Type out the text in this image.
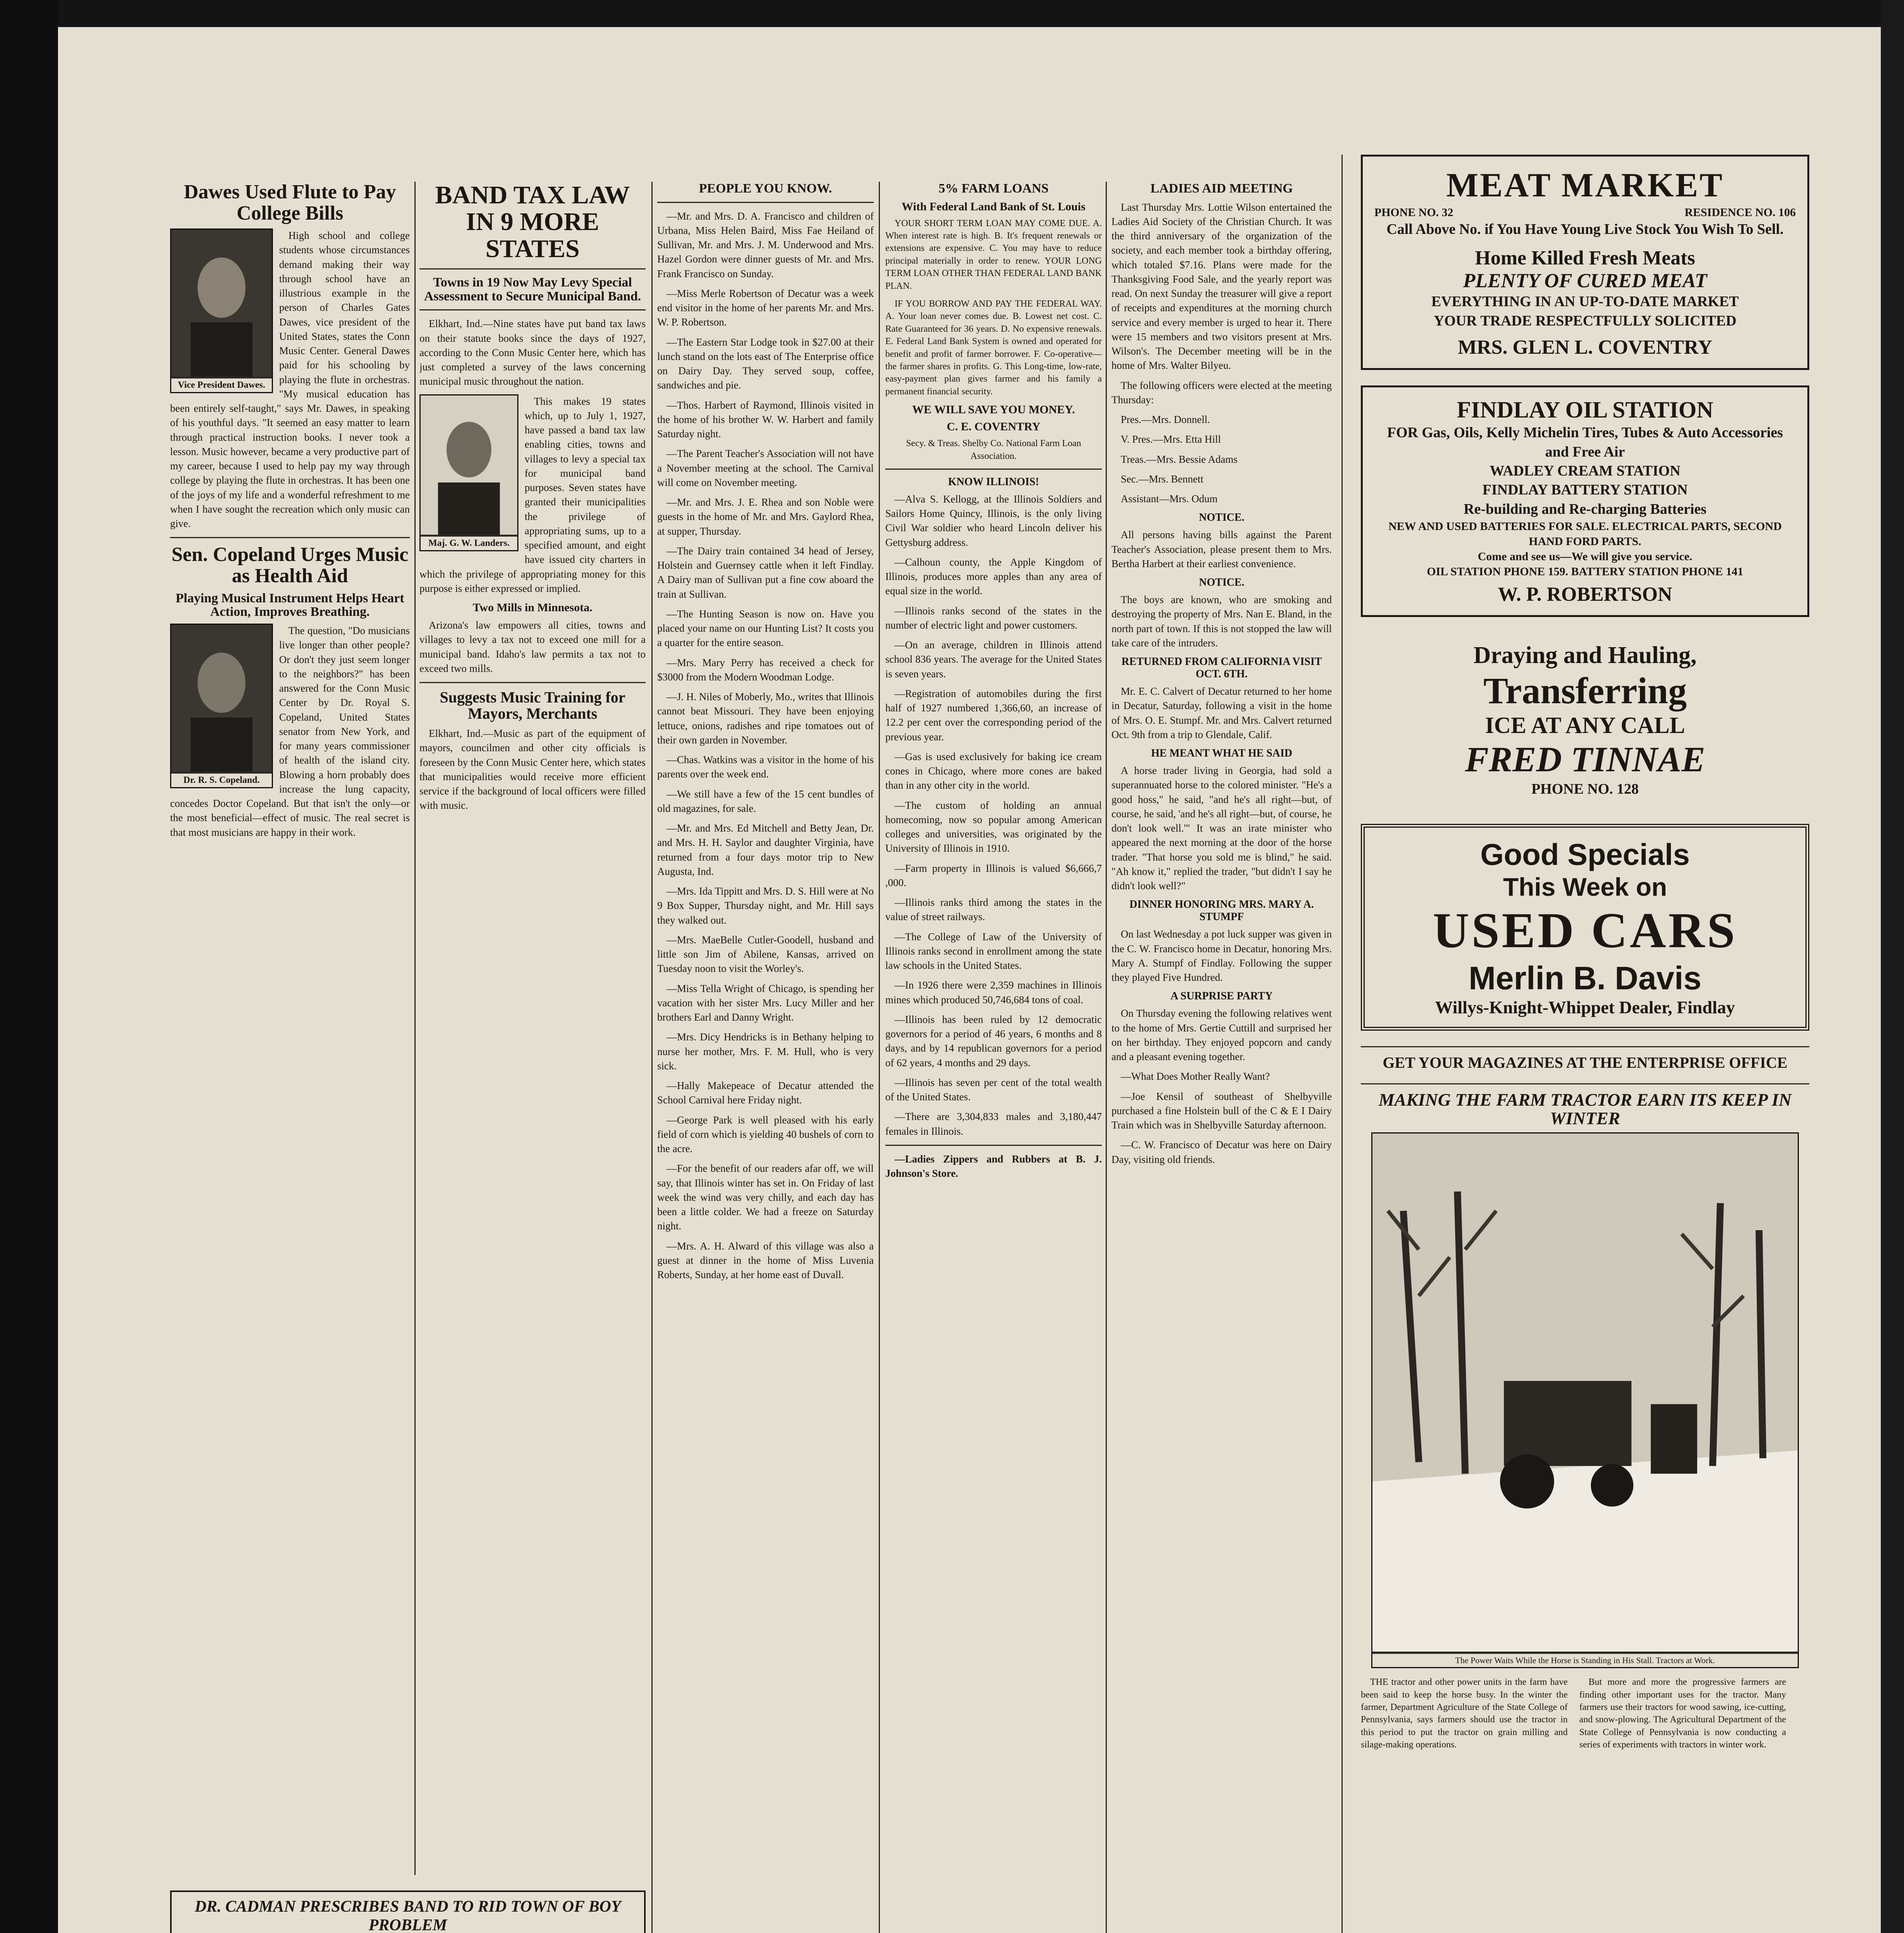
Dawes Used Flute to Pay College Bills
Vice President Dawes.

High school and college students whose circumstances demand making their way through school have an illustrious example in the person of Charles Gates Dawes, vice president of the United States, states the Conn Music Center. General Dawes paid for his schooling by playing the flute in orchestras. "My musical education has been entirely self-taught," says Mr. Dawes, in speaking of his youthful days. "It seemed an easy matter to learn through practical instruction books. I never took a lesson. Music however, became a very productive part of my career, because I used to help pay my way through college by playing the flute in orchestras. It has been one of the joys of my life and a wonderful refreshment to me when I have sought the recreation which only music can give.

Sen. Copeland Urges Music as Health Aid
Playing Musical Instrument Helps Heart Action, Improves Breathing.
Dr. R. S. Copeland.

The question, "Do musicians live longer than other people? Or don't they just seem longer to the neighbors?" has been answered for the Conn Music Center by Dr. Royal S. Copeland, United States senator from New York, and for many years commissioner of health of the island city. Blowing a horn probably does increase the lung capacity, concedes Doctor Copeland. But that isn't the only—or the most beneficial—effect of music. The real secret is that most musicians are happy in their work.

BAND TAX LAW IN 9 MORE STATES
Towns in 19 Now May Levy Special Assessment to Secure Municipal Band.

Elkhart, Ind.—Nine states have put band tax laws on their statute books since the days of 1927, according to the Conn Music Center here, which has just completed a survey of the laws concerning municipal music throughout the nation.

Maj. G. W. Landers.

This makes 19 states which, up to July 1, 1927, have passed a band tax law enabling cities, towns and villages to levy a special tax for municipal band purposes. Seven states have granted their municipalities the privilege of appropriating sums, up to a specified amount, and eight have issued city charters in which the privilege of appropriating money for this purpose is either expressed or implied.

Two Mills in Minnesota.

Arizona's law empowers all cities, towns and villages to levy a tax not to exceed one mill for a municipal band. Idaho's law permits a tax not to exceed two mills.

Suggests Music Training for Mayors, Merchants

Elkhart, Ind.—Music as part of the equipment of mayors, councilmen and other city officials is foreseen by the Conn Music Center here, which states that municipalities would receive more efficient service if the background of local officers were filled with music.

DR. CADMAN PRESCRIBES BAND TO RID TOWN OF BOY PROBLEM

PEOPLE YOU KNOW.

—Mr. and Mrs. D. A. Francisco and children of Urbana, Miss Helen Baird, Miss Fae Heiland of Sullivan, Mr. and Mrs. J. M. Underwood and Mrs. Hazel Gordon were dinner guests of Mr. and Mrs. Frank Francisco on Sunday.

—Miss Merle Robertson of Decatur was a week end visitor in the home of her parents Mr. and Mrs. W. P. Robertson.

—The Eastern Star Lodge took in $27.00 at their lunch stand on the lots east of The Enterprise office on Dairy Day. They served soup, coffee, sandwiches and pie.

—Thos. Harbert of Raymond, Illinois visited in the home of his brother W. W. Harbert and family Saturday night.

—The Parent Teacher's Association will not have a November meeting at the school. The Carnival will come on November meeting.

—Mr. and Mrs. J. E. Rhea and son Noble were guests in the home of Mr. and Mrs. Gaylord Rhea, at supper, Thursday.

—The Dairy train contained 34 head of Jersey, Holstein and Guernsey cattle when it left Findlay. A Dairy man of Sullivan put a fine cow aboard the train at Sullivan.

—The Hunting Season is now on. Have you placed your name on our Hunting List? It costs you a quarter for the entire season.

—Mrs. Mary Perry has received a check for $3000 from the Modern Woodman Lodge.

—J. H. Niles of Moberly, Mo., writes that Illinois cannot beat Missouri. They have been enjoying lettuce, onions, radishes and ripe tomatoes out of their own garden in November.

—Chas. Watkins was a visitor in the home of his parents over the week end.

—We still have a few of the 15 cent bundles of old magazines, for sale.

—Mr. and Mrs. Ed Mitchell and Betty Jean, Dr. and Mrs. H. H. Saylor and daughter Virginia, have returned from a four days motor trip to New Augusta, Ind.

—Mrs. Ida Tippitt and Mrs. D. S. Hill were at No 9 Box Supper, Thursday night, and Mr. Hill says they walked out.

—Mrs. MaeBelle Cutler-Goodell, husband and little son Jim of Abilene, Kansas, arrived on Tuesday noon to visit the Worley's.

—Miss Tella Wright of Chicago, is spending her vacation with her sister Mrs. Lucy Miller and her brothers Earl and Danny Wright.

—Mrs. Dicy Hendricks is in Bethany helping to nurse her mother, Mrs. F. M. Hull, who is very sick.

—Hally Makepeace of Decatur attended the School Carnival here Friday night.

—George Park is well pleased with his early field of corn which is yielding 40 bushels of corn to the acre.

—For the benefit of our readers afar off, we will say, that Illinois winter has set in. On Friday of last week the wind was very chilly, and each day has been a little colder. We had a freeze on Saturday night.

—Mrs. A. H. Alward of this village was also a guest at dinner in the home of Miss Luvenia Roberts, Sunday, at her home east of Duvall.

5% FARM LOANS
With Federal Land Bank of St. Louis

YOUR SHORT TERM LOAN MAY COME DUE. A. When interest rate is high. B. It's frequent renewals or extensions are expensive. C. You may have to reduce principal materially in order to renew. YOUR LONG TERM LOAN OTHER THAN FEDERAL LAND BANK PLAN.

IF YOU BORROW AND PAY THE FEDERAL WAY. A. Your loan never comes due. B. Lowest net cost. C. Rate Guaranteed for 36 years. D. No expensive renewals. E. Federal Land Bank System is owned and operated for benefit and profit of farmer borrower. F. Co-operative—the farmer shares in profits. G. This Long-time, low-rate, easy-payment plan gives farmer and his family a permanent financial security.

WE WILL SAVE YOU MONEY.
C. E. COVENTRY
Secy. & Treas. Shelby Co. National Farm Loan Association.
KNOW ILLINOIS!

—Alva S. Kellogg, at the Illinois Soldiers and Sailors Home Quincy, Illinois, is the only living Civil War soldier who heard Lincoln deliver his Gettysburg address.

—Calhoun county, the Apple Kingdom of Illinois, produces more apples than any area of equal size in the world.

—Illinois ranks second of the states in the number of electric light and power customers.

—On an average, children in Illinois attend school 836 years. The average for the United States is seven years.

—Registration of automobiles during the first half of 1927 numbered 1,366,60, an increase of 12.2 per cent over the corresponding period of the previous year.

—Gas is used exclusively for baking ice cream cones in Chicago, where more cones are baked than in any other city in the world.

—The custom of holding an annual homecoming, now so popular among American colleges and universities, was originated by the University of Illinois in 1910.

—Farm property in Illinois is valued $6,666,7 ,000.

—Illinois ranks third among the states in the value of street railways.

—The College of Law of the University of Illinois ranks second in enrollment among the state law schools in the United States.

—In 1926 there were 2,359 machines in Illinois mines which produced 50,746,684 tons of coal.

—Illinois has been ruled by 12 democratic governors for a period of 46 years, 6 months and 8 days, and by 14 republican governors for a period of 62 years, 4 months and 29 days.

—Illinois has seven per cent of the total wealth of the United States.

—There are 3,304,833 males and 3,180,447 females in Illinois.

—Ladies Zippers and Rubbers at B. J. Johnson's Store.

LADIES AID MEETING

Last Thursday Mrs. Lottie Wilson entertained the Ladies Aid Society of the Christian Church. It was the third anniversary of the organization of the society, and each member took a birthday offering, which totaled $7.16. Plans were made for the Thanksgiving Food Sale, and the yearly report was read. On next Sunday the treasurer will give a report of receipts and expenditures at the morning church service and every member is urged to hear it. There were 15 members and two visitors present at Mrs. Wilson's. The December meeting will be in the home of Mrs. Walter Bilyeu.

The following officers were elected at the meeting Thursday:

Pres.—Mrs. Donnell.
V. Pres.—Mrs. Etta Hill
Treas.—Mrs. Bessie Adams
Sec.—Mrs. Bennett
Assistant—Mrs. Odum
NOTICE.

All persons having bills against the Parent Teacher's Association, please present them to Mrs. Bertha Harbert at their earliest convenience.

NOTICE.

The boys are known, who are smoking and destroying the property of Mrs. Nan E. Bland, in the north part of town. If this is not stopped the law will take care of the intruders.

RETURNED FROM CALIFORNIA VISIT OCT. 6TH.

Mr. E. C. Calvert of Decatur returned to her home in Decatur, Saturday, following a visit in the home of Mrs. O. E. Stumpf. Mr. and Mrs. Calvert returned Oct. 9th from a trip to Glendale, Calif.

HE MEANT WHAT HE SAID

A horse trader living in Georgia, had sold a superannuated horse to the colored minister. "He's a good hoss," he said, "and he's all right—but, of course, he said, 'and he's all right—but, of course, he don't look well.'" It was an irate minister who appeared the next morning at the door of the horse trader. "That horse you sold me is blind," he said. "Ah know it," replied the trader, "but didn't I say he didn't look well?"

DINNER HONORING MRS. MARY A. STUMPF

On last Wednesday a pot luck supper was given in the C. W. Francisco home in Decatur, honoring Mrs. Mary A. Stumpf of Findlay. Following the supper they played Five Hundred.

A SURPRISE PARTY

On Thursday evening the following relatives went to the home of Mrs. Gertie Cuttill and surprised her on her birthday. They enjoyed popcorn and candy and a pleasant evening together.

—What Does Mother Really Want?

—Joe Kensil of southeast of Shelbyville purchased a fine Holstein bull of the C & E I Dairy Train which was in Shelbyville Saturday afternoon.

—C. W. Francisco of Decatur was here on Dairy Day, visiting old friends.

MEAT MARKET
PHONE NO. 32	RESIDENCE NO. 106
Call Above No. if You Have Young Live Stock You Wish To Sell.
Home Killed Fresh Meats
PLENTY OF CURED MEAT
EVERYTHING IN AN UP-TO-DATE MARKET
YOUR TRADE RESPECTFULLY SOLICITED
MRS. GLEN L. COVENTRY
FINDLAY OIL STATION
FOR Gas, Oils, Kelly Michelin Tires, Tubes & Auto Accessories and Free Air
WADLEY CREAM STATION
FINDLAY BATTERY STATION
Re-building and Re-charging Batteries
NEW AND USED BATTERIES FOR SALE. ELECTRICAL PARTS, SECOND HAND FORD PARTS.
Come and see us—We will give you service.
OIL STATION PHONE 159. BATTERY STATION PHONE 141
W. P. ROBERTSON
Draying and Hauling,
Transferring
ICE AT ANY CALL
FRED TINNAE
PHONE NO. 128
Good Specials
This Week on
USED CARS
Merlin B. Davis
Willys-Knight-Whippet Dealer, Findlay
GET YOUR MAGAZINES AT THE ENTERPRISE OFFICE
MAKING THE FARM TRACTOR EARN ITS KEEP IN WINTER
The Power Waits While the Horse is Standing in His Stall. Tractors at Work.

THE tractor and other power units in the farm have been said to keep the horse busy. In the winter the farmer, Department Agriculture of the State College of Pennsylvania, says farmers should use the tractor in this period to put the tractor on grain milling and silage-making operations.

But more and more the progressive farmers are finding other important uses for the tractor. Many farmers use their tractors for wood sawing, ice-cutting, and snow-plowing. The Agricultural Department of the State College of Pennsylvania is now conducting a series of experiments with tractors in winter work.
